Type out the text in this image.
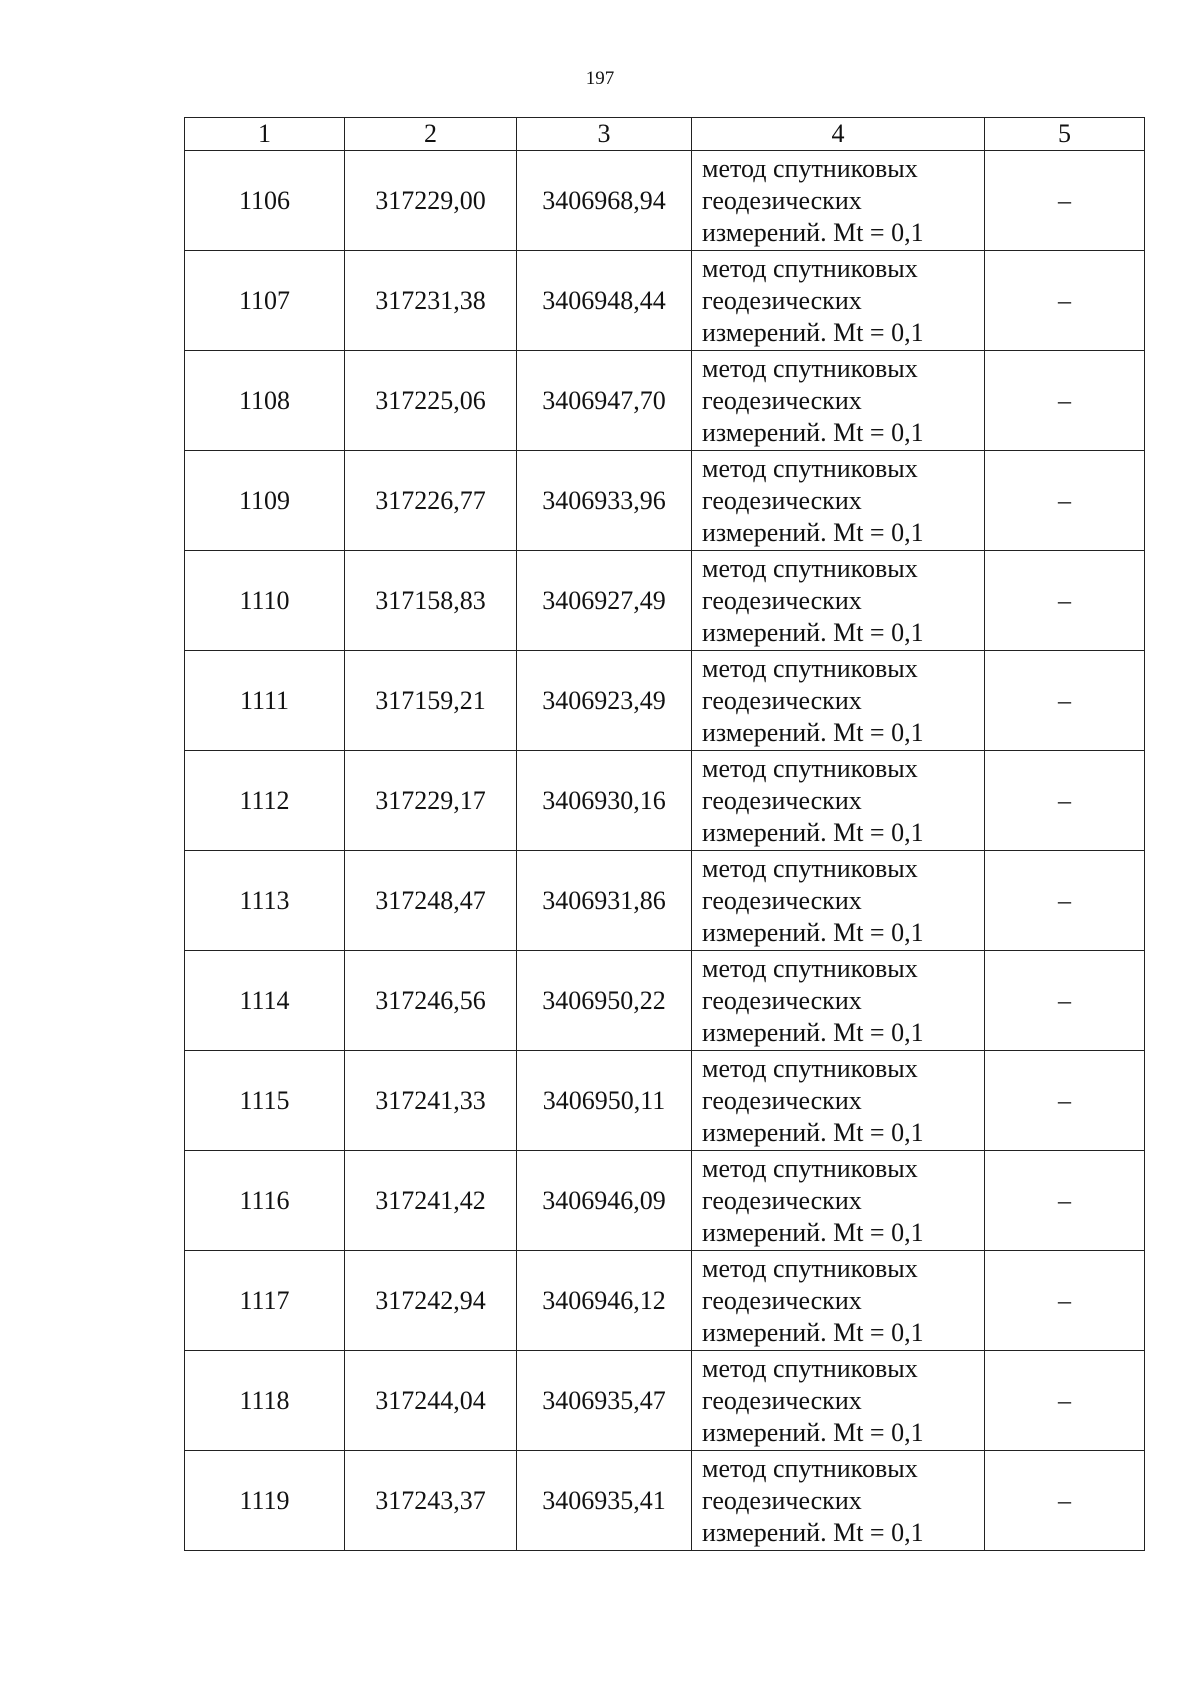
197
1	2	3	4	5
1106	317229,00	3406968,94	метод спутниковых
геодезических
измерений. Mt = 0,1	–
1107	317231,38	3406948,44	метод спутниковых
геодезических
измерений. Mt = 0,1	–
1108	317225,06	3406947,70	метод спутниковых
геодезических
измерений. Mt = 0,1	–
1109	317226,77	3406933,96	метод спутниковых
геодезических
измерений. Mt = 0,1	–
1110	317158,83	3406927,49	метод спутниковых
геодезических
измерений. Mt = 0,1	–
1111	317159,21	3406923,49	метод спутниковых
геодезических
измерений. Mt = 0,1	–
1112	317229,17	3406930,16	метод спутниковых
геодезических
измерений. Mt = 0,1	–
1113	317248,47	3406931,86	метод спутниковых
геодезических
измерений. Mt = 0,1	–
1114	317246,56	3406950,22	метод спутниковых
геодезических
измерений. Mt = 0,1	–
1115	317241,33	3406950,11	метод спутниковых
геодезических
измерений. Mt = 0,1	–
1116	317241,42	3406946,09	метод спутниковых
геодезических
измерений. Mt = 0,1	–
1117	317242,94	3406946,12	метод спутниковых
геодезических
измерений. Mt = 0,1	–
1118	317244,04	3406935,47	метод спутниковых
геодезических
измерений. Mt = 0,1	–
1119	317243,37	3406935,41	метод спутниковых
геодезических
измерений. Mt = 0,1	–
